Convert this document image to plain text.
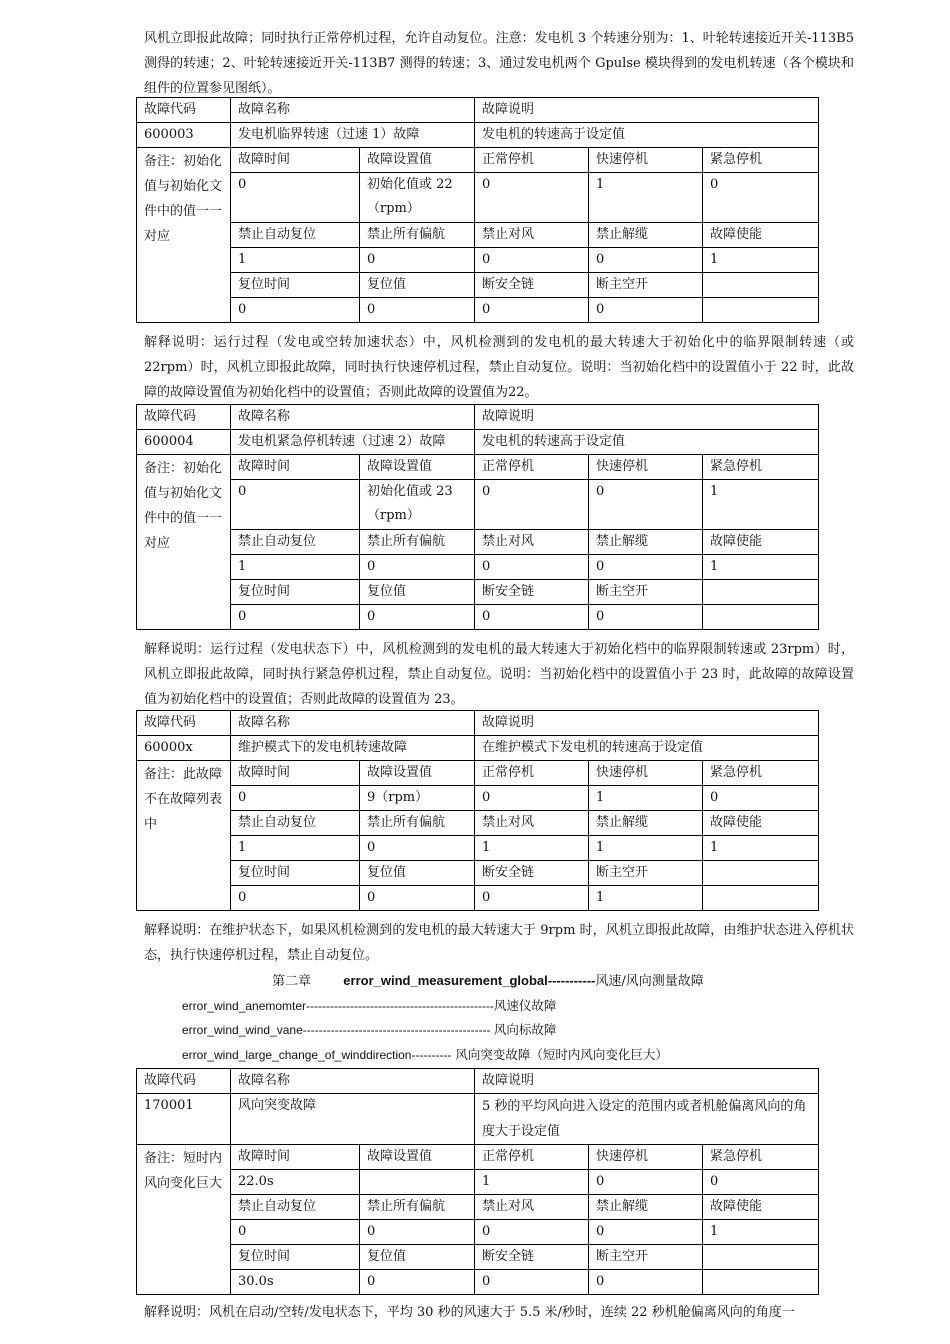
风机立即报此故障；同时执行正常停机过程，允许自动复位。注意：发电机 3 个转速分别为：1、叶轮转速接近开关-113B5 测得的转速；2、叶轮转速接近开关-113B7 测得的转速；3、通过发电机两个 Gpulse 模块得到的发电机转速（各个模块和组件的位置参见图纸）。

故障代码	故障名称		故障说明		
600003	发电机临界转速（过速 1）故障		发电机的转速高于设定值		
备注：初始化值与初始化文件中的值一一对应	故障时间	故障设置值	正常停机	快速停机	紧急停机
	0	初始化值或 22（rpm）	0	1	0
	禁止自动复位	禁止所有偏航	禁止对风	禁止解缆	故障使能
	1	0	0	0	1
	复位时间	复位值	断安全链	断主空开	
	0	0	0	0	

解释说明：运行过程（发电或空转加速状态）中，风机检测到的发电机的最大转速大于初始化中的临界限制转速（或 22rpm）时，风机立即报此故障，同时执行快速停机过程，禁止自动复位。说明：当初始化档中的设置值小于 22 时，此故障的故障设置值为初始化档中的设置值；否则此故障的设置值为22。

故障代码	故障名称		故障说明		
600004	发电机紧急停机转速（过速 2）故障		发电机的转速高于设定值		
备注：初始化值与初始化文件中的值一一对应	故障时间	故障设置值	正常停机	快速停机	紧急停机
	0	初始化值或 23（rpm）	0	0	1
	禁止自动复位	禁止所有偏航	禁止对风	禁止解缆	故障使能
	1	0	0	0	1
	复位时间	复位值	断安全链	断主空开	
	0	0	0	0	

解释说明：运行过程（发电状态下）中，风机检测到的发电机的最大转速大于初始化档中的临界限制转速或 23rpm）时，风机立即报此故障，同时执行紧急停机过程，禁止自动复位。说明：当初始化档中的设置值小于 23 时，此故障的故障设置值为初始化档中的设置值；否则此故障的设置值为 23。

故障代码	故障名称		故障说明		
60000x	维护模式下的发电机转速故障		在维护模式下发电机的转速高于设定值		
备注：此故障不在故障列表中	故障时间	故障设置值	正常停机	快速停机	紧急停机
	0	9（rpm）	0	1	0
	禁止自动复位	禁止所有偏航	禁止对风	禁止解缆	故障使能
	1	0	1	1	1
	复位时间	复位值	断安全链	断主空开	
	0	0	0	1	

解释说明：在维护状态下，如果风机检测到的发电机的最大转速大于 9rpm 时，风机立即报此故障，由维护状态进入停机状态，执行快速停机过程，禁止自动复位。

第二章 error_wind_measurement_global-----------风速/风向测量故障
error_wind_anemomter-----------------------------------------------风速仪故障
error_wind_wind_vane----------------------------------------------- 风向标故障
error_wind_large_change_of_winddirection---------- 风向突变故障（短时内风向变化巨大）
故障代码	故障名称		故障说明		
170001	风向突变故障		5 秒的平均风向进入设定的范围内或者机舱偏离风向的角度大于设定值		
备注：短时内风向变化巨大	故障时间	故障设置值	正常停机	快速停机	紧急停机
	22.0s		1	0	0
	禁止自动复位	禁止所有偏航	禁止对风	禁止解缆	故障使能
	0	0	0	0	1
	复位时间	复位值	断安全链	断主空开	
	30.0s	0	0	0	

解释说明：风机在启动/空转/发电状态下，平均 30 秒的风速大于 5.5 米/秒时，连续 22 秒机舱偏离风向的角度一
